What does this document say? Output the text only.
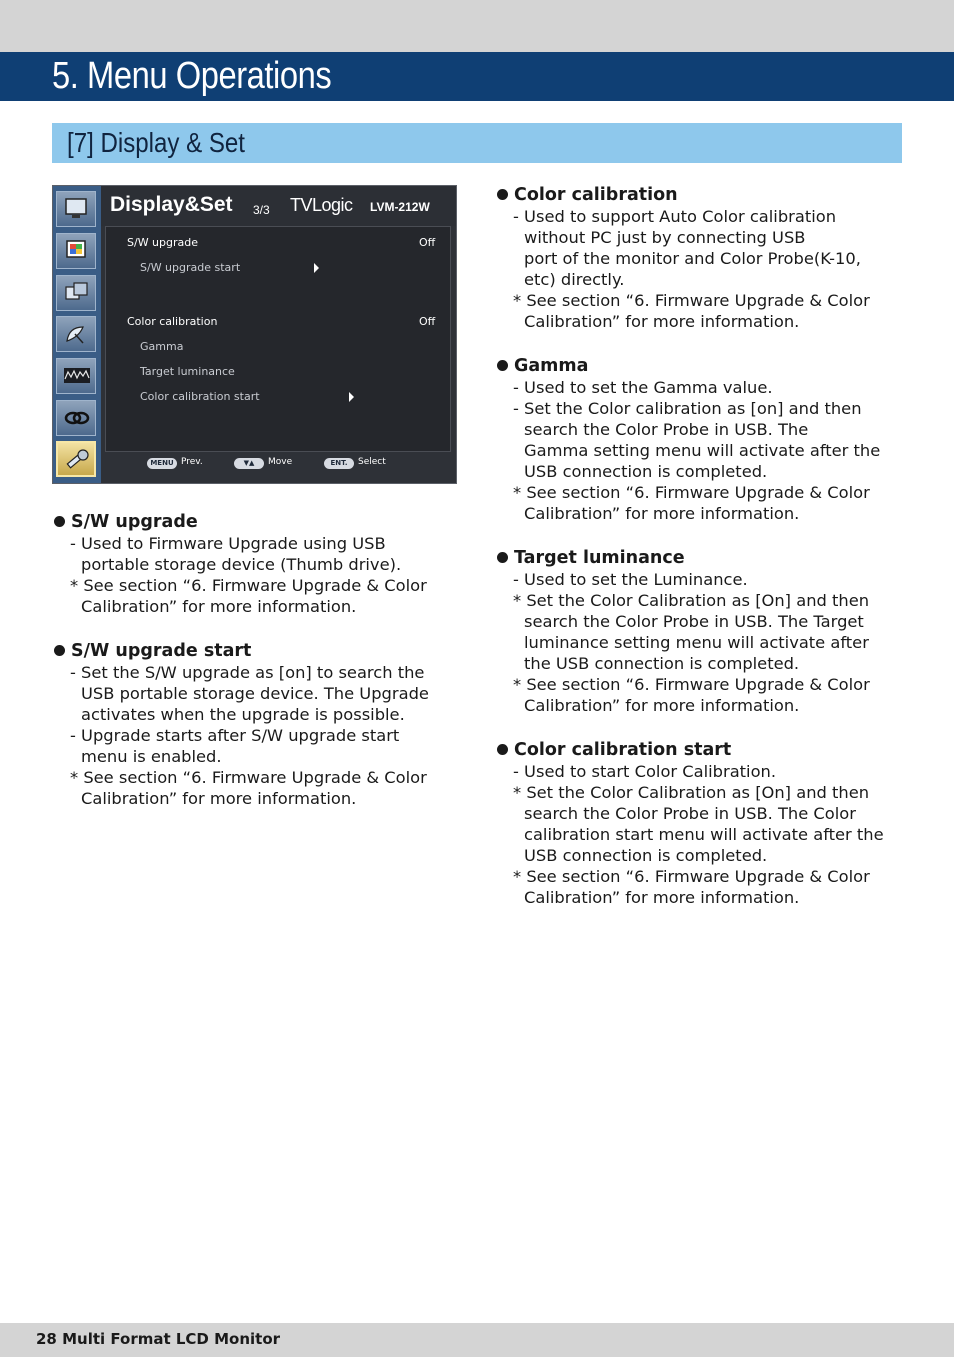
5. Menu Operations
[7] Display & Set
Display&Set 3/3 TVLogic LVM-212W
S/W upgrade	Off
S/W upgrade start
Color calibration	Off
Gamma
Target luminance
Color calibration start
MENU Prev.	▼▲	Move	ENT.	Select
S/W upgrade

- Used to Firmware Upgrade using USB

portable storage device (Thumb drive).

* See section “6. Firmware Upgrade & Color

Calibration” for more information.

S/W upgrade start

- Set the S/W upgrade as [on] to search the

USB portable storage device. The Upgrade

activates when the upgrade is possible.

- Upgrade starts after S/W upgrade start

menu is enabled.

* See section “6. Firmware Upgrade & Color

Calibration” for more information.

Color calibration

- Used to support Auto Color calibration

without PC just by connecting USB

port of the monitor and Color Probe(K-10,

etc) directly.

* See section “6. Firmware Upgrade & Color

Calibration” for more information.

Gamma

- Used to set the Gamma value.

- Set the Color calibration as [on] and then

search the Color Probe in USB. The

Gamma setting menu will activate after the

USB connection is completed.

* See section “6. Firmware Upgrade & Color

Calibration” for more information.

Target luminance

- Used to set the Luminance.

* Set the Color Calibration as [On] and then

search the Color Probe in USB. The Target

luminance setting menu will activate after

the USB connection is completed.

* See section “6. Firmware Upgrade & Color

Calibration” for more information.

Color calibration start

- Used to start Color Calibration.

* Set the Color Calibration as [On] and then

search the Color Probe in USB. The Color

calibration start menu will activate after the

USB connection is completed.

* See section “6. Firmware Upgrade & Color

Calibration” for more information.

28 Multi Format LCD Monitor
